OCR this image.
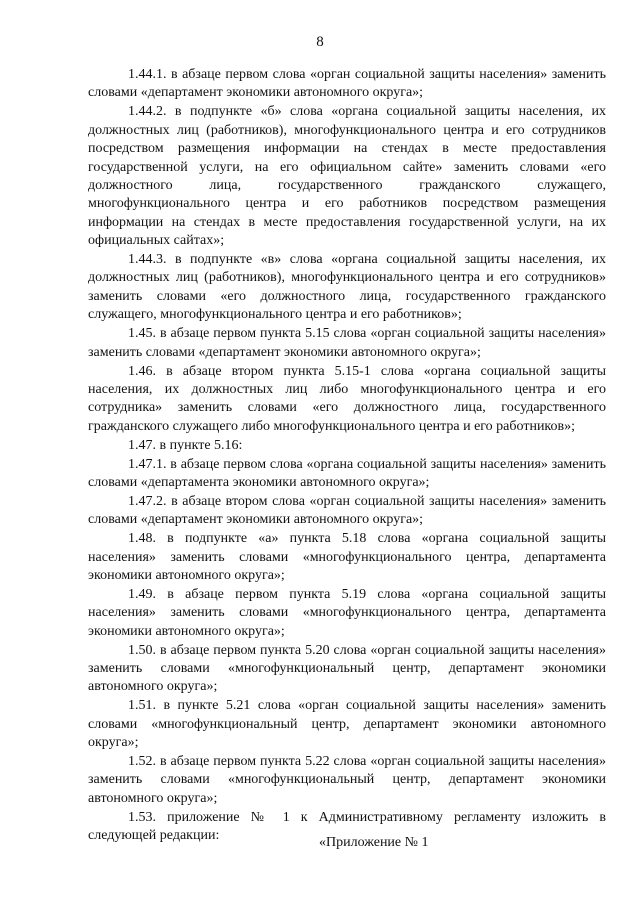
8

1.44.1. в абзаце первом слова «орган социальной защиты населения» заменить словами «департамент экономики автономного округа»;

1.44.2. в подпункте «б» слова «органа социальной защиты населения, их должностных лиц (работников), многофункционального центра и его сотрудников посредством размещения информации на стендах в месте предоставления государственной услуги, на его официальном сайте» заменить словами «его должностного лица, государственного гражданского служащего, многофункционального центра и его работников посредством размещения информации на стендах в месте предоставления государственной услуги, на их официальных сайтах»;

1.44.3. в подпункте «в» слова «органа социальной защиты населения, их должностных лиц (работников), многофункционального центра и его сотрудников» заменить словами «его должностного лица, государственного гражданского служащего, многофункционального центра и его работников»;

1.45. в абзаце первом пункта 5.15 слова «орган социальной защиты населения» заменить словами «департамент экономики автономного округа»;

1.46. в абзаце втором пункта 5.15-1 слова «органа социальной защиты населения, их должностных лиц либо многофункционального центра и его сотрудника» заменить словами «его должностного лица, государственного гражданского служащего либо многофункционального центра и его работников»;

1.47. в пункте 5.16:

1.47.1. в абзаце первом слова «органа социальной защиты населения» заменить словами «департамента экономики автономного округа»;

1.47.2. в абзаце втором слова «орган социальной защиты населения» заменить словами «департамент экономики автономного округа»;

1.48. в подпункте «а» пункта 5.18 слова «органа социальной защиты населения» заменить словами «многофункционального центра, департамента экономики автономного округа»;

1.49. в абзаце первом пункта 5.19 слова «органа социальной защиты населения» заменить словами «многофункционального центра, департамента экономики автономного округа»;

1.50. в абзаце первом пункта 5.20 слова «орган социальной защиты населения» заменить словами «многофункциональный центр, департамент экономики автономного округа»;

1.51. в пункте 5.21 слова «орган социальной защиты населения» заменить словами «многофункциональный центр, департамент экономики автономного округа»;

1.52. в абзаце первом пункта 5.22 слова «орган социальной защиты населения» заменить словами «многофункциональный центр, департамент экономики автономного округа»;

1.53. приложение № 1 к Административному регламенту изложить в следующей редакции:	«Приложение № 1
